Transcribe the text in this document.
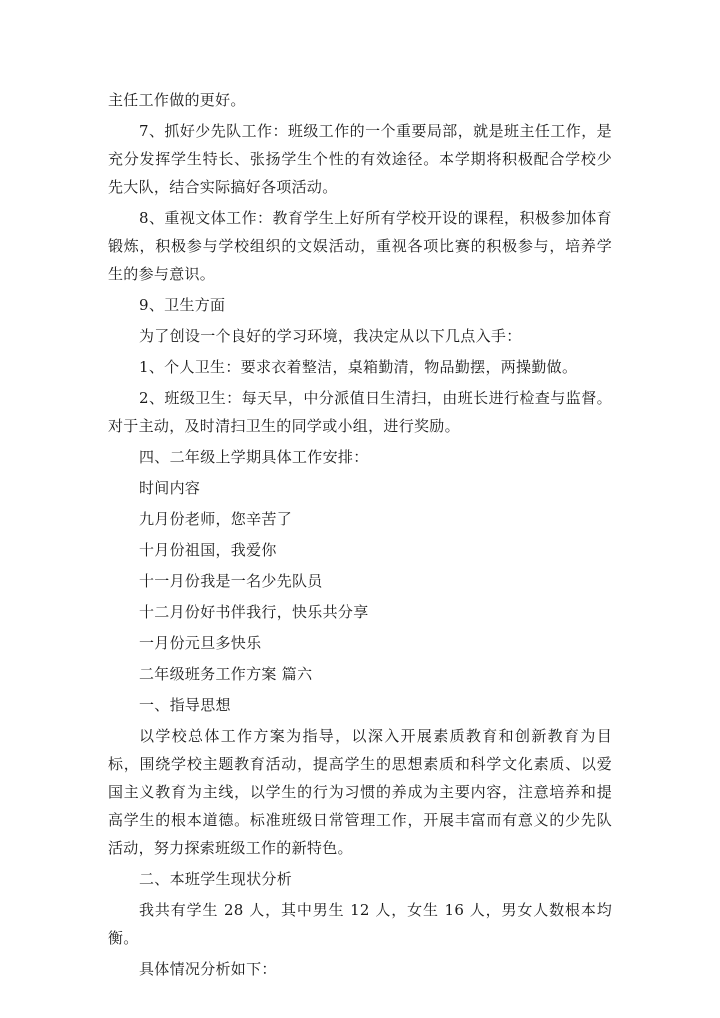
主任工作做的更好。

7、抓好少先队工作：班级工作的一个重要局部，就是班主任工作，是充分发挥学生特长、张扬学生个性的有效途径。本学期将积极配合学校少先大队，结合实际搞好各项活动。

8、重视文体工作：教育学生上好所有学校开设的课程，积极参加体育锻炼，积极参与学校组织的文娱活动，重视各项比赛的积极参与，培养学生的参与意识。

9、卫生方面

为了创设一个良好的学习环境，我决定从以下几点入手：

1、个人卫生：要求衣着整洁，桌箱勤清，物品勤摆，两操勤做。

2、班级卫生：每天早，中分派值日生清扫，由班长进行检查与监督。对于主动，及时清扫卫生的同学或小组，进行奖励。

四、二年级上学期具体工作安排：

时间内容

九月份老师，您辛苦了

十月份祖国，我爱你

十一月份我是一名少先队员

十二月份好书伴我行，快乐共分享

一月份元旦多快乐

二年级班务工作方案 篇六

一、指导思想

以学校总体工作方案为指导，以深入开展素质教育和创新教育为目标，围绕学校主题教育活动，提高学生的思想素质和科学文化素质、以爱国主义教育为主线，以学生的行为习惯的养成为主要内容，注意培养和提高学生的根本道德。标准班级日常管理工作，开展丰富而有意义的少先队活动，努力探索班级工作的新特色。

二、本班学生现状分析

我共有学生 28 人，其中男生 12 人，女生 16 人，男女人数根本均衡。

具体情况分析如下：
